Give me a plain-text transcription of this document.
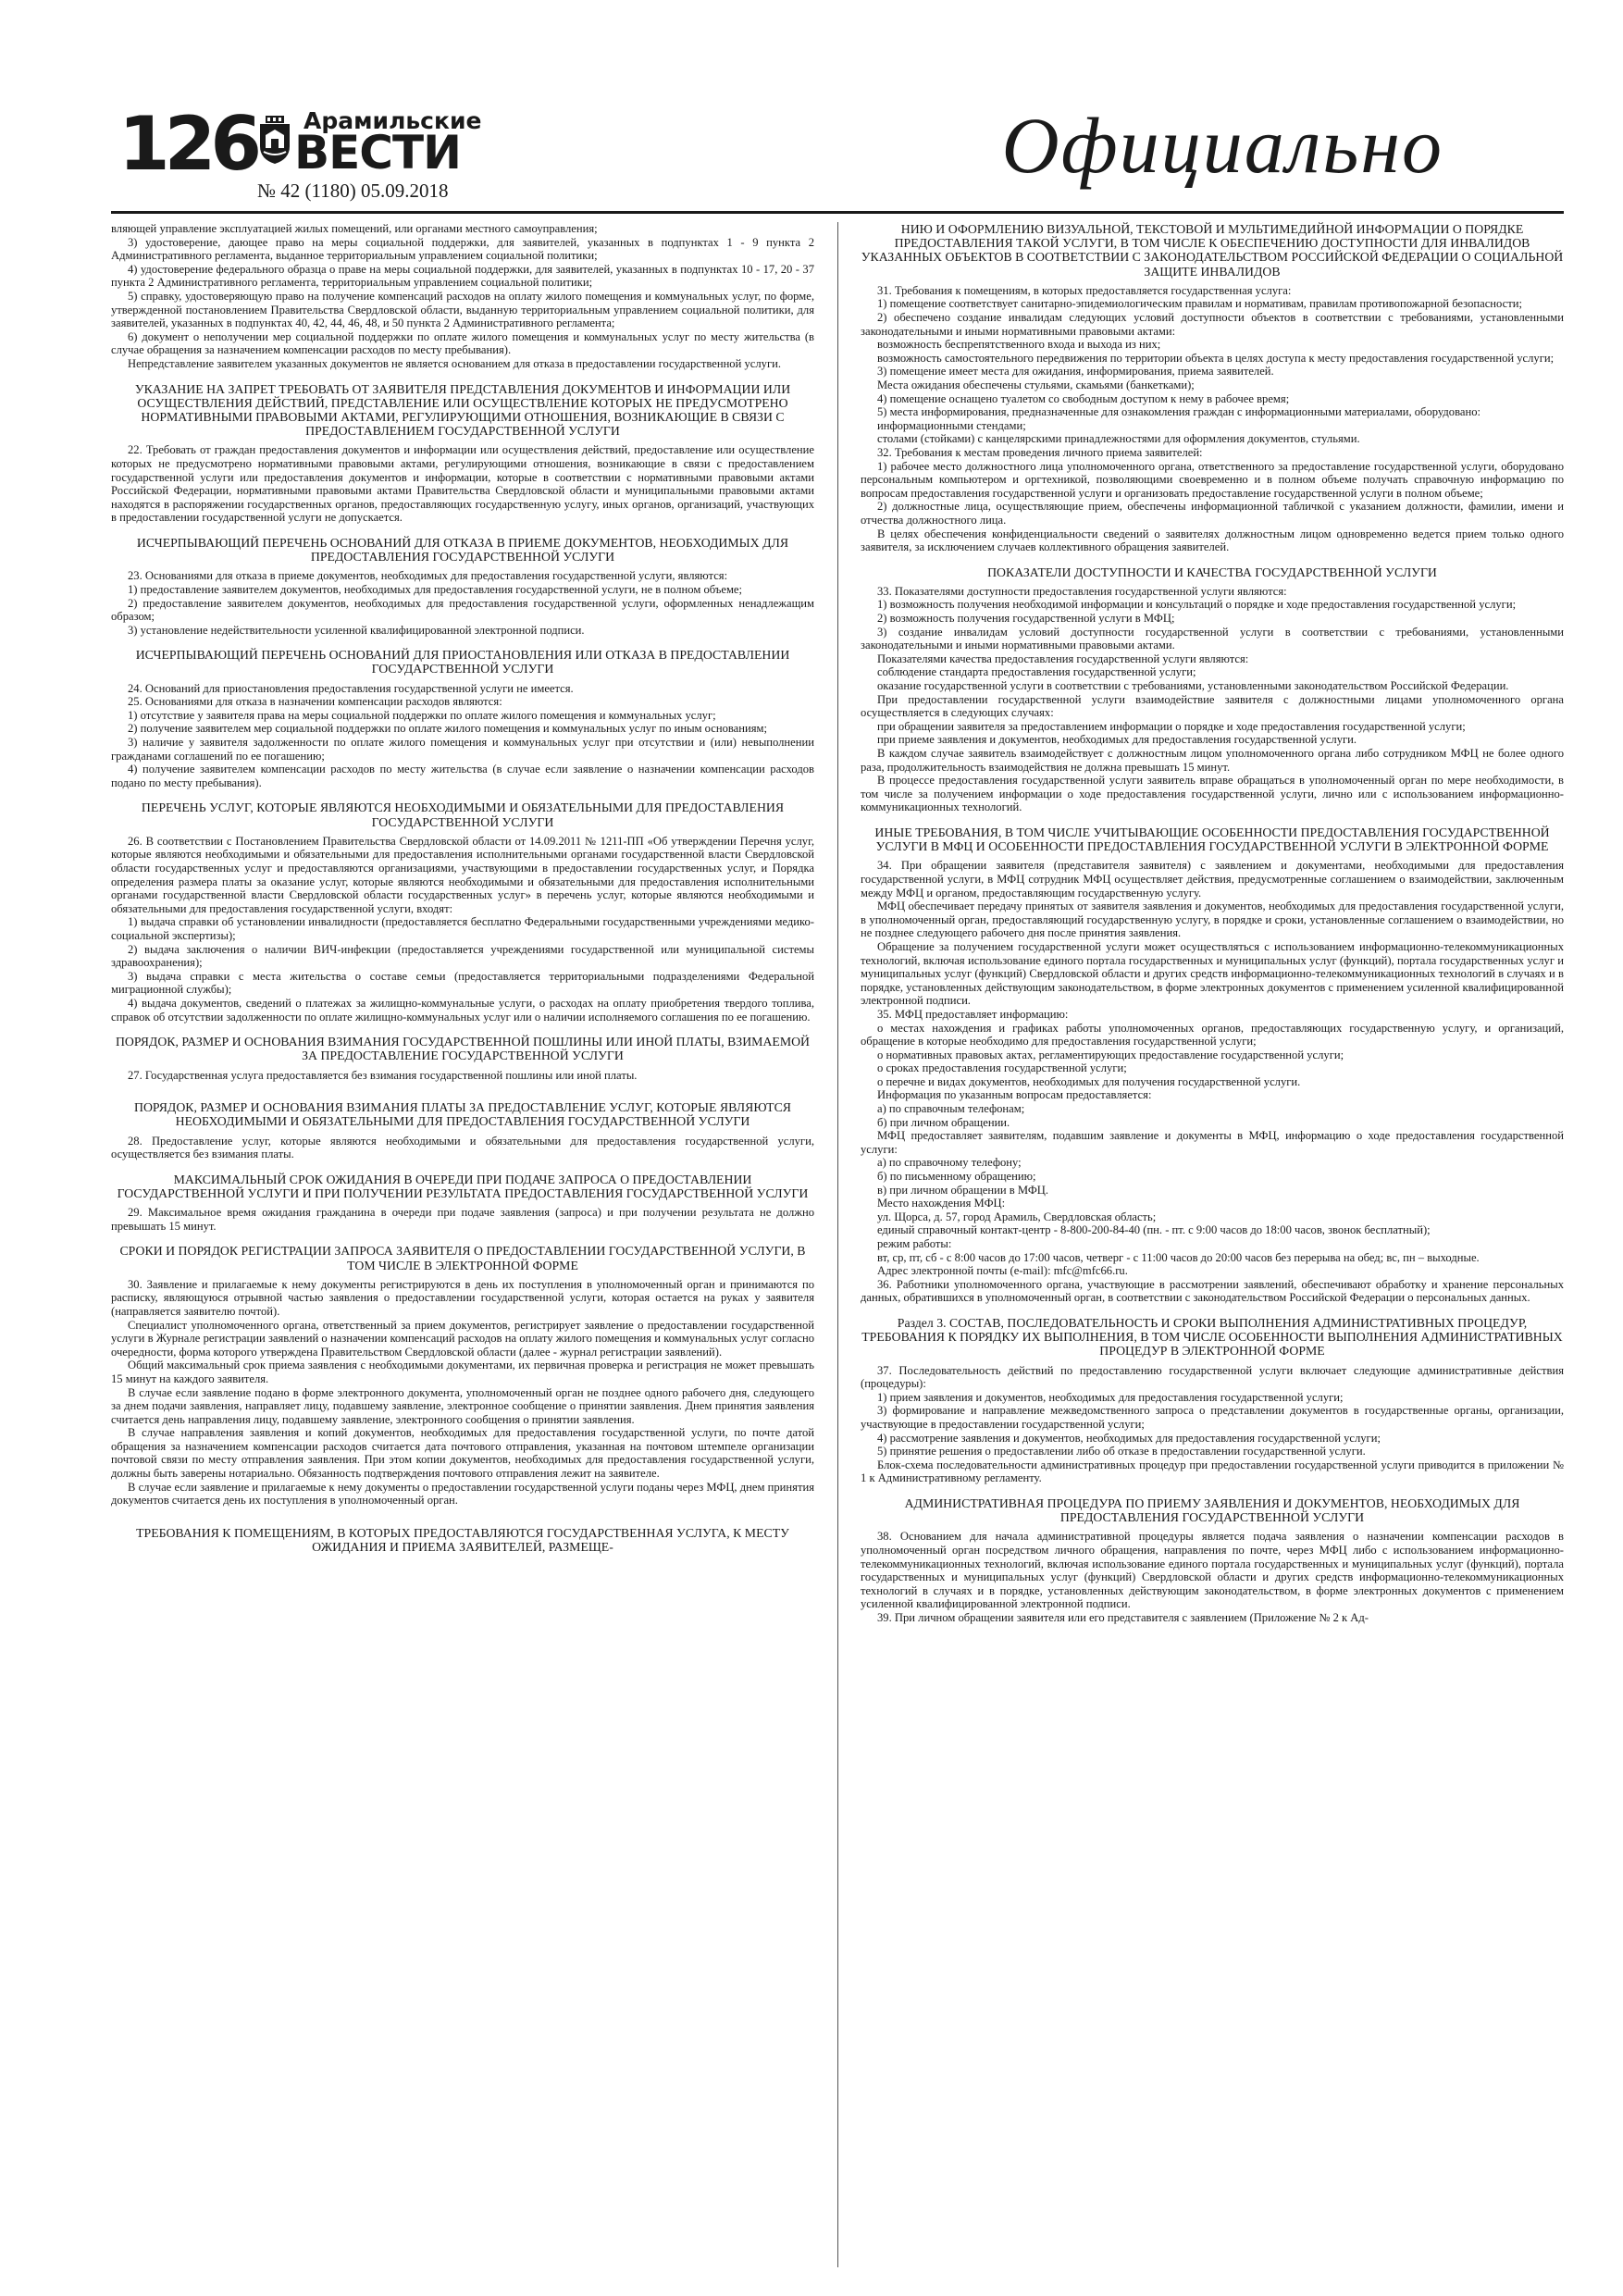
126 Арамильские
ВЕСТИ
№ 42 (1180) 05.09.2018
Официально

вляющей управление эксплуатацией жилых помещений, или органами местного самоуправления;

3) удостоверение, дающее право на меры социальной поддержки, для заявителей, указанных в подпунктах 1 - 9 пункта 2 Административного регламента, выданное территориальным управлением социальной политики;

4) удостоверение федерального образца о праве на меры социальной поддержки, для заявителей, указанных в подпунктах 10 - 17, 20 - 37 пункта 2 Административного регламента, территориальным управлением социальной политики;

5) справку, удостоверяющую право на получение компенсаций расходов на оплату жилого помещения и коммунальных услуг, по форме, утвержденной постановлением Правительства Свердловской области, выданную территориальным управлением социальной политики, для заявителей, указанных в подпунктах 40, 42, 44, 46, 48, и 50 пункта 2 Административного регламента;

6) документ о неполучении мер социальной поддержки по оплате жилого помещения и коммунальных услуг по месту жительства (в случае обращения за назначением компенсации расходов по месту пребывания).

Непредставление заявителем указанных документов не является основанием для отказа в предоставлении государственной услуги.

УКАЗАНИЕ НА ЗАПРЕТ ТРЕБОВАТЬ ОТ ЗАЯВИТЕЛЯ ПРЕДСТАВЛЕНИЯ ДОКУМЕНТОВ И ИНФОРМАЦИИ ИЛИ ОСУЩЕСТВЛЕНИЯ ДЕЙСТВИЙ, ПРЕДСТАВЛЕНИЕ ИЛИ ОСУЩЕСТВЛЕНИЕ КОТОРЫХ НЕ ПРЕДУСМОТРЕНО НОРМАТИВНЫМИ ПРАВОВЫМИ АКТАМИ, РЕГУЛИРУЮЩИМИ ОТНОШЕНИЯ, ВОЗНИКАЮЩИЕ В СВЯЗИ С ПРЕДОСТАВЛЕНИЕМ ГОСУДАРСТВЕННОЙ УСЛУГИ

22. Требовать от граждан предоставления документов и информации или осуществления действий, предоставление или осуществление которых не предусмотрено нормативными правовыми актами, регулирующими отношения, возникающие в связи с предоставлением государственной услуги или предоставления документов и информации, которые в соответствии с нормативными правовыми актами Российской Федерации, нормативными правовыми актами Правительства Свердловской области и муниципальными правовыми актами находятся в распоряжении государственных органов, предоставляющих государственную услугу, иных органов, организаций, участвующих в предоставлении государственной услуги не допускается.

ИСЧЕРПЫВАЮЩИЙ ПЕРЕЧЕНЬ ОСНОВАНИЙ ДЛЯ ОТКАЗА В ПРИЕМЕ ДОКУМЕНТОВ, НЕОБХОДИМЫХ ДЛЯ ПРЕДОСТАВЛЕНИЯ ГОСУДАРСТВЕННОЙ УСЛУГИ

23. Основаниями для отказа в приеме документов, необходимых для предоставления государственной услуги, являются:

1) предоставление заявителем документов, необходимых для предоставления государственной услуги, не в полном объеме;

2) предоставление заявителем документов, необходимых для предоставления государственной услуги, оформленных ненадлежащим образом;

3) установление недействительности усиленной квалифицированной электронной подписи.

ИСЧЕРПЫВАЮЩИЙ ПЕРЕЧЕНЬ ОСНОВАНИЙ ДЛЯ ПРИОСТАНОВЛЕНИЯ ИЛИ ОТКАЗА В ПРЕДОСТАВЛЕНИИ ГОСУДАРСТВЕННОЙ УСЛУГИ

24. Оснований для приостановления предоставления государственной услуги не имеется.

25. Основаниями для отказа в назначении компенсации расходов являются:

1) отсутствие у заявителя права на меры социальной поддержки по оплате жилого помещения и коммунальных услуг;

2) получение заявителем мер социальной поддержки по оплате жилого помещения и коммунальных услуг по иным основаниям;

3) наличие у заявителя задолженности по оплате жилого помещения и коммунальных услуг при отсутствии и (или) невыполнении гражданами соглашений по ее погашению;

4) получение заявителем компенсации расходов по месту жительства (в случае если заявление о назначении компенсации расходов подано по месту пребывания).

ПЕРЕЧЕНЬ УСЛУГ, КОТОРЫЕ ЯВЛЯЮТСЯ НЕОБХОДИМЫМИ И ОБЯЗАТЕЛЬНЫМИ ДЛЯ ПРЕДОСТАВЛЕНИЯ ГОСУДАРСТВЕННОЙ УСЛУГИ

26. В соответствии с Постановлением Правительства Свердловской области от 14.09.2011 № 1211-ПП «Об утверждении Перечня услуг, которые являются необходимыми и обязательными для предоставления исполнительными органами государственной власти Свердловской области государственных услуг и предоставляются организациями, участвующими в предоставлении государственных услуг, и Порядка определения размера платы за оказание услуг, которые являются необходимыми и обязательными для предоставления исполнительными органами государственной власти Свердловской области государственных услуг» в перечень услуг, которые являются необходимыми и обязательными для предоставления государственной услуги, входят:

1) выдача справки об установлении инвалидности (предоставляется бесплатно Федеральными государственными учреждениями медико-социальной экспертизы);

2) выдача заключения о наличии ВИЧ-инфекции (предоставляется учреждениями государственной или муниципальной системы здравоохранения);

3) выдача справки с места жительства о составе семьи (предоставляется территориальными подразделениями Федеральной миграционной службы);

4) выдача документов, сведений о платежах за жилищно-коммунальные услуги, о расходах на оплату приобретения твердого топлива, справок об отсутствии задолженности по оплате жилищно-коммунальных услуг или о наличии исполняемого соглашения по ее погашению.

ПОРЯДОК, РАЗМЕР И ОСНОВАНИЯ ВЗИМАНИЯ ГОСУДАРСТВЕННОЙ ПОШЛИНЫ ИЛИ ИНОЙ ПЛАТЫ, ВЗИМАЕМОЙ ЗА ПРЕДОСТАВЛЕНИЕ ГОСУДАРСТВЕННОЙ УСЛУГИ

27. Государственная услуга предоставляется без взимания государственной пошлины или иной платы.

ПОРЯДОК, РАЗМЕР И ОСНОВАНИЯ ВЗИМАНИЯ ПЛАТЫ ЗА ПРЕДОСТАВЛЕНИЕ УСЛУГ, КОТОРЫЕ ЯВЛЯЮТСЯ НЕОБХОДИМЫМИ И ОБЯЗАТЕЛЬНЫМИ ДЛЯ ПРЕДОСТАВЛЕНИЯ ГОСУДАРСТВЕННОЙ УСЛУГИ

28. Предоставление услуг, которые являются необходимыми и обязательными для предоставления государственной услуги, осуществляется без взимания платы.

МАКСИМАЛЬНЫЙ СРОК ОЖИДАНИЯ В ОЧЕРЕДИ ПРИ ПОДАЧЕ ЗАПРОСА О ПРЕДОСТАВЛЕНИИ ГОСУДАРСТВЕННОЙ УСЛУГИ И ПРИ ПОЛУЧЕНИИ РЕЗУЛЬТАТА ПРЕДОСТАВЛЕНИЯ ГОСУДАРСТВЕННОЙ УСЛУГИ

29. Максимальное время ожидания гражданина в очереди при подаче заявления (запроса) и при получении результата не должно превышать 15 минут.

СРОКИ И ПОРЯДОК РЕГИСТРАЦИИ ЗАПРОСА ЗАЯВИТЕЛЯ О ПРЕДОСТАВЛЕНИИ ГОСУДАРСТВЕННОЙ УСЛУГИ, В ТОМ ЧИСЛЕ В ЭЛЕКТРОННОЙ ФОРМЕ

30. Заявление и прилагаемые к нему документы регистрируются в день их поступления в уполномоченный орган и принимаются по расписку, являющуюся отрывной частью заявления о предоставлении государственной услуги, которая остается на руках у заявителя (направляется заявителю почтой).

Специалист уполномоченного органа, ответственный за прием документов, регистрирует заявление о предоставлении государственной услуги в Журнале регистрации заявлений о назначении компенсаций расходов на оплату жилого помещения и коммунальных услуг согласно очередности, форма которого утверждена Правительством Свердловской области (далее - журнал регистрации заявлений).

Общий максимальный срок приема заявления с необходимыми документами, их первичная проверка и регистрация не может превышать 15 минут на каждого заявителя.

В случае если заявление подано в форме электронного документа, уполномоченный орган не позднее одного рабочего дня, следующего за днем подачи заявления, направляет лицу, подавшему заявление, электронное сообщение о принятии заявления. Днем принятия заявления считается день направления лицу, подавшему заявление, электронного сообщения о принятии заявления.

В случае направления заявления и копий документов, необходимых для предоставления государственной услуги, по почте датой обращения за назначением компенсации расходов считается дата почтового отправления, указанная на почтовом штемпеле организации почтовой связи по месту отправления заявления. При этом копии документов, необходимых для предоставления государственной услуги, должны быть заверены нотариально. Обязанность подтверждения почтового отправления лежит на заявителе.

В случае если заявление и прилагаемые к нему документы о предоставлении государственной услуги поданы через МФЦ, днем принятия документов считается день их поступления в уполномоченный орган.

ТРЕБОВАНИЯ К ПОМЕЩЕНИЯМ, В КОТОРЫХ ПРЕДОСТАВЛЯЮТСЯ ГОСУДАРСТВЕННАЯ УСЛУГА, К МЕСТУ ОЖИДАНИЯ И ПРИЕМА ЗАЯВИТЕЛЕЙ, РАЗМЕЩЕ-
НИЮ И ОФОРМЛЕНИЮ ВИЗУАЛЬНОЙ, ТЕКСТОВОЙ И МУЛЬТИМЕДИЙНОЙ ИНФОРМАЦИИ О ПОРЯДКЕ ПРЕДОСТАВЛЕНИЯ ТАКОЙ УСЛУГИ, В ТОМ ЧИСЛЕ К ОБЕСПЕЧЕНИЮ ДОСТУПНОСТИ ДЛЯ ИНВАЛИДОВ УКАЗАННЫХ ОБЪЕКТОВ В СООТВЕТСТВИИ С ЗАКОНОДАТЕЛЬСТВОМ РОССИЙСКОЙ ФЕДЕРАЦИИ О СОЦИАЛЬНОЙ ЗАЩИТЕ ИНВАЛИДОВ

31. Требования к помещениям, в которых предоставляется государственная услуга:

1) помещение соответствует санитарно-эпидемиологическим правилам и нормативам, правилам противопожарной безопасности;

2) обеспечено создание инвалидам следующих условий доступности объектов в соответствии с требованиями, установленными законодательными и иными нормативными правовыми актами:

возможность беспрепятственного входа и выхода из них;

возможность самостоятельного передвижения по территории объекта в целях доступа к месту предоставления государственной услуги;

3) помещение имеет места для ожидания, информирования, приема заявителей.

Места ожидания обеспечены стульями, скамьями (банкетками);

4) помещение оснащено туалетом со свободным доступом к нему в рабочее время;

5) места информирования, предназначенные для ознакомления граждан с информационными материалами, оборудовано:

информационными стендами;

столами (стойками) с канцелярскими принадлежностями для оформления документов, стульями.

32. Требования к местам проведения личного приема заявителей:

1) рабочее место должностного лица уполномоченного органа, ответственного за предоставление государственной услуги, оборудовано персональным компьютером и оргтехникой, позволяющими своевременно и в полном объеме получать справочную информацию по вопросам предоставления государственной услуги и организовать предоставление государственной услуги в полном объеме;

2) должностные лица, осуществляющие прием, обеспечены информационной табличкой с указанием должности, фамилии, имени и отчества должностного лица.

В целях обеспечения конфиденциальности сведений о заявителях должностным лицом одновременно ведется прием только одного заявителя, за исключением случаев коллективного обращения заявителей.

ПОКАЗАТЕЛИ ДОСТУПНОСТИ И КАЧЕСТВА ГОСУДАРСТВЕННОЙ УСЛУГИ

33. Показателями доступности предоставления государственной услуги являются:

1) возможность получения необходимой информации и консультаций о порядке и ходе предоставления государственной услуги;

2) возможность получения государственной услуги в МФЦ;

3) создание инвалидам условий доступности государственной услуги в соответствии с требованиями, установленными законодательными и иными нормативными правовыми актами.

Показателями качества предоставления государственной услуги являются:

соблюдение стандарта предоставления государственной услуги;

оказание государственной услуги в соответствии с требованиями, установленными законодательством Российской Федерации.

При предоставлении государственной услуги взаимодействие заявителя с должностными лицами уполномоченного органа осуществляется в следующих случаях:

при обращении заявителя за предоставлением информации о порядке и ходе предоставления государственной услуги;

при приеме заявления и документов, необходимых для предоставления государственной услуги.

В каждом случае заявитель взаимодействует с должностным лицом уполномоченного органа либо сотрудником МФЦ не более одного раза, продолжительность взаимодействия не должна превышать 15 минут.

В процессе предоставления государственной услуги заявитель вправе обращаться в уполномоченный орган по мере необходимости, в том числе за получением информации о ходе предоставления государственной услуги, лично или с использованием информационно-коммуникационных технологий.

ИНЫЕ ТРЕБОВАНИЯ, В ТОМ ЧИСЛЕ УЧИТЫВАЮЩИЕ ОСОБЕННОСТИ ПРЕДОСТАВЛЕНИЯ ГОСУДАРСТВЕННОЙ УСЛУГИ В МФЦ И ОСОБЕННОСТИ ПРЕДОСТАВЛЕНИЯ ГОСУДАРСТВЕННОЙ УСЛУГИ В ЭЛЕКТРОННОЙ ФОРМЕ

34. При обращении заявителя (представителя заявителя) с заявлением и документами, необходимыми для предоставления государственной услуги, в МФЦ сотрудник МФЦ осуществляет действия, предусмотренные соглашением о взаимодействии, заключенным между МФЦ и органом, предоставляющим государственную услугу.

МФЦ обеспечивает передачу принятых от заявителя заявления и документов, необходимых для предоставления государственной услуги, в уполномоченный орган, предоставляющий государственную услугу, в порядке и сроки, установленные соглашением о взаимодействии, но не позднее следующего рабочего дня после принятия заявления.

Обращение за получением государственной услуги может осуществляться с использованием информационно-телекоммуникационных технологий, включая использование единого портала государственных и муниципальных услуг (функций), портала государственных услуг и муниципальных услуг (функций) Свердловской области и других средств информационно-телекоммуникационных технологий в случаях и в порядке, установленных действующим законодательством, в форме электронных документов с применением усиленной квалифицированной электронной подписи.

35. МФЦ предоставляет информацию:

о местах нахождения и графиках работы уполномоченных органов, предоставляющих государственную услугу, и организаций, обращение в которые необходимо для предоставления государственной услуги;

о нормативных правовых актах, регламентирующих предоставление государственной услуги;

о сроках предоставления государственной услуги;

о перечне и видах документов, необходимых для получения государственной услуги.

Информация по указанным вопросам предоставляется:

а) по справочным телефонам;

б) при личном обращении.

МФЦ предоставляет заявителям, подавшим заявление и документы в МФЦ, информацию о ходе предоставления государственной услуги:

а) по справочному телефону;

б) по письменному обращению;

в) при личном обращении в МФЦ.

Место нахождения МФЦ:

ул. Щорса, д. 57, город Арамиль, Свердловская область;

единый справочный контакт-центр - 8-800-200-84-40 (пн. - пт. с 9:00 часов до 18:00 часов, звонок бесплатный);

режим работы:

вт, ср, пт, сб - с 8:00 часов до 17:00 часов, четверг - с 11:00 часов до 20:00 часов без перерыва на обед; вс, пн – выходные.

Адрес электронной почты (e-mail): mfc@mfc66.ru.

36. Работники уполномоченного органа, участвующие в рассмотрении заявлений, обеспечивают обработку и хранение персональных данных, обратившихся в уполномоченный орган, в соответствии с законодательством Российской Федерации о персональных данных.

Раздел 3. СОСТАВ, ПОСЛЕДОВАТЕЛЬНОСТЬ И СРОКИ ВЫПОЛНЕНИЯ АДМИНИСТРАТИВНЫХ ПРОЦЕДУР, ТРЕБОВАНИЯ К ПОРЯДКУ ИХ ВЫПОЛНЕНИЯ, В ТОМ ЧИСЛЕ ОСОБЕННОСТИ ВЫПОЛНЕНИЯ АДМИНИСТРАТИВНЫХ ПРОЦЕДУР В ЭЛЕКТРОННОЙ ФОРМЕ

37. Последовательность действий по предоставлению государственной услуги включает следующие административные действия (процедуры):

1) прием заявления и документов, необходимых для предоставления государственной услуги;

3) формирование и направление межведомственного запроса о представлении документов в государственные органы, организации, участвующие в предоставлении государственной услуги;

4) рассмотрение заявления и документов, необходимых для предоставления государственной услуги;

5) принятие решения о предоставлении либо об отказе в предоставлении государственной услуги.

Блок-схема последовательности административных процедур при предоставлении государственной услуги приводится в приложении № 1 к Административному регламенту.

АДМИНИСТРАТИВНАЯ ПРОЦЕДУРА ПО ПРИЕМУ ЗАЯВЛЕНИЯ И ДОКУМЕНТОВ, НЕОБХОДИМЫХ ДЛЯ ПРЕДОСТАВЛЕНИЯ ГОСУДАРСТВЕННОЙ УСЛУГИ

38. Основанием для начала административной процедуры является подача заявления о назначении компенсации расходов в уполномоченный орган посредством личного обращения, направления по почте, через МФЦ либо с использованием информационно-телекоммуникационных технологий, включая использование единого портала государственных и муниципальных услуг (функций), портала государственных и муниципальных услуг (функций) Свердловской области и других средств информационно-телекоммуникационных технологий в случаях и в порядке, установленных действующим законодательством, в форме электронных документов с применением усиленной квалифицированной электронной подписи.

39. При личном обращении заявителя или его представителя с заявлением (Приложение № 2 к Ад-
